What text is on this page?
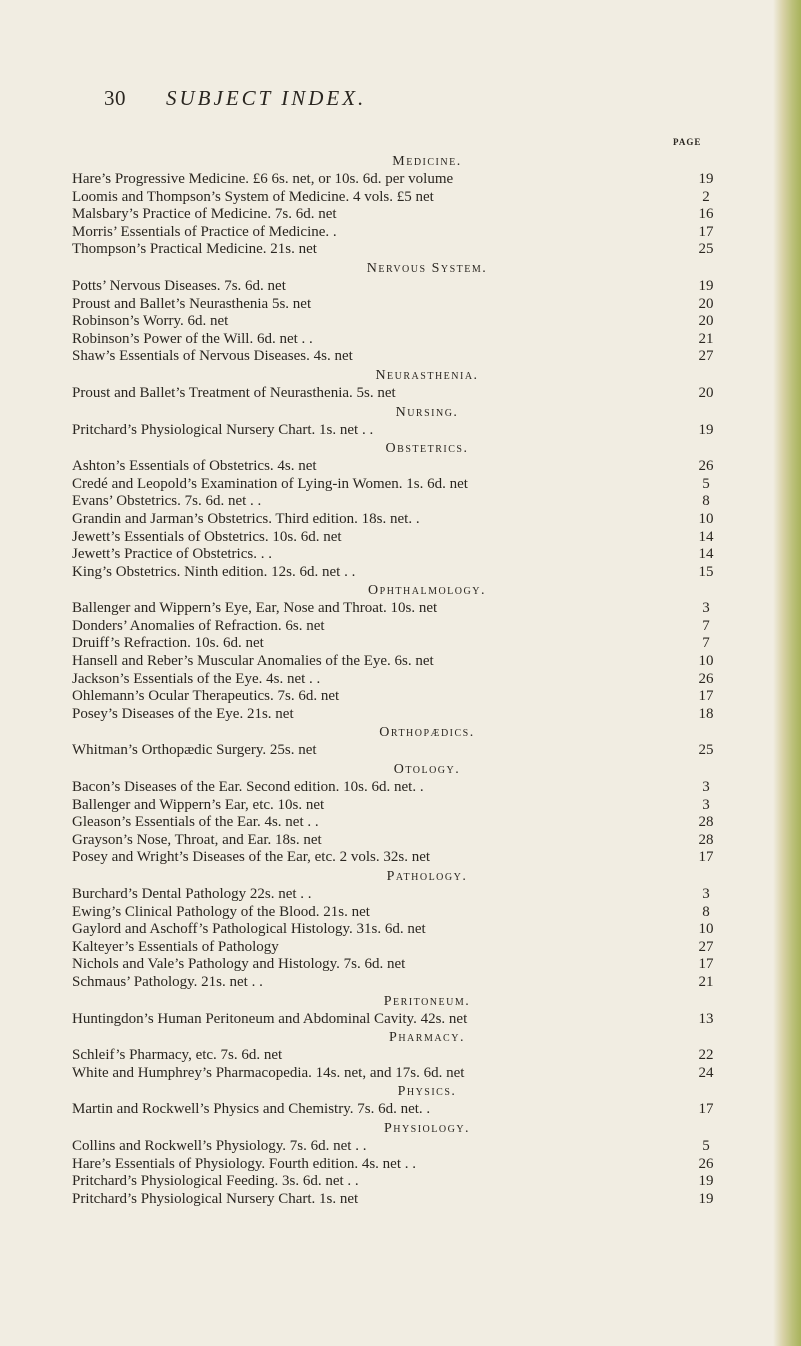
30 SUBJECT INDEX.
PAGE
Medicine.
Hare’s Progressive Medicine. £6 6s. net, or 10s. 6d. per volume	19
Loomis and Thompson’s System of Medicine. 4 vols. £5 net	2
Malsbary’s Practice of Medicine. 7s. 6d. net	16
Morris’ Essentials of Practice of Medicine. .	17
Thompson’s Practical Medicine. 21s. net	25
Nervous System.
Potts’ Nervous Diseases. 7s. 6d. net	19
Proust and Ballet’s Neurasthenia 5s. net	20
Robinson’s Worry. 6d. net	20
Robinson’s Power of the Will. 6d. net . .	21
Shaw’s Essentials of Nervous Diseases. 4s. net	27
Neurasthenia.
Proust and Ballet’s Treatment of Neurasthenia. 5s. net	20
Nursing.
Pritchard’s Physiological Nursery Chart. 1s. net . .	19
Obstetrics.
Ashton’s Essentials of Obstetrics. 4s. net	26
Credé and Leopold’s Examination of Lying-in Women. 1s. 6d. net	5
Evans’ Obstetrics. 7s. 6d. net . .	8
Grandin and Jarman’s Obstetrics. Third edition. 18s. net. .	10
Jewett’s Essentials of Obstetrics. 10s. 6d. net	14
Jewett’s Practice of Obstetrics. . .	14
King’s Obstetrics. Ninth edition. 12s. 6d. net . .	15
Ophthalmology.
Ballenger and Wippern’s Eye, Ear, Nose and Throat. 10s. net	3
Donders’ Anomalies of Refraction. 6s. net	7
Druiff’s Refraction. 10s. 6d. net	7
Hansell and Reber’s Muscular Anomalies of the Eye. 6s. net	10
Jackson’s Essentials of the Eye. 4s. net . .	26
Ohlemann’s Ocular Therapeutics. 7s. 6d. net	17
Posey’s Diseases of the Eye. 21s. net	18
Orthopædics.
Whitman’s Orthopædic Surgery. 25s. net	25
Otology.
Bacon’s Diseases of the Ear. Second edition. 10s. 6d. net. .	3
Ballenger and Wippern’s Ear, etc. 10s. net	3
Gleason’s Essentials of the Ear. 4s. net . .	28
Grayson’s Nose, Throat, and Ear. 18s. net	28
Posey and Wright’s Diseases of the Ear, etc. 2 vols. 32s. net	17
Pathology.
Burchard’s Dental Pathology 22s. net . .	3
Ewing’s Clinical Pathology of the Blood. 21s. net	8
Gaylord and Aschoff’s Pathological Histology. 31s. 6d. net	10
Kalteyer’s Essentials of Pathology	27
Nichols and Vale’s Pathology and Histology. 7s. 6d. net	17
Schmaus’ Pathology. 21s. net . .	21
Peritoneum.
Huntingdon’s Human Peritoneum and Abdominal Cavity. 42s. net	13
Pharmacy.
Schleif’s Pharmacy, etc. 7s. 6d. net	22
White and Humphrey’s Pharmacopedia. 14s. net, and 17s. 6d. net	24
Physics.
Martin and Rockwell’s Physics and Chemistry. 7s. 6d. net. .	17
Physiology.
Collins and Rockwell’s Physiology. 7s. 6d. net . .	5
Hare’s Essentials of Physiology. Fourth edition. 4s. net . .	26
Pritchard’s Physiological Feeding. 3s. 6d. net . .	19
Pritchard’s Physiological Nursery Chart. 1s. net	19
